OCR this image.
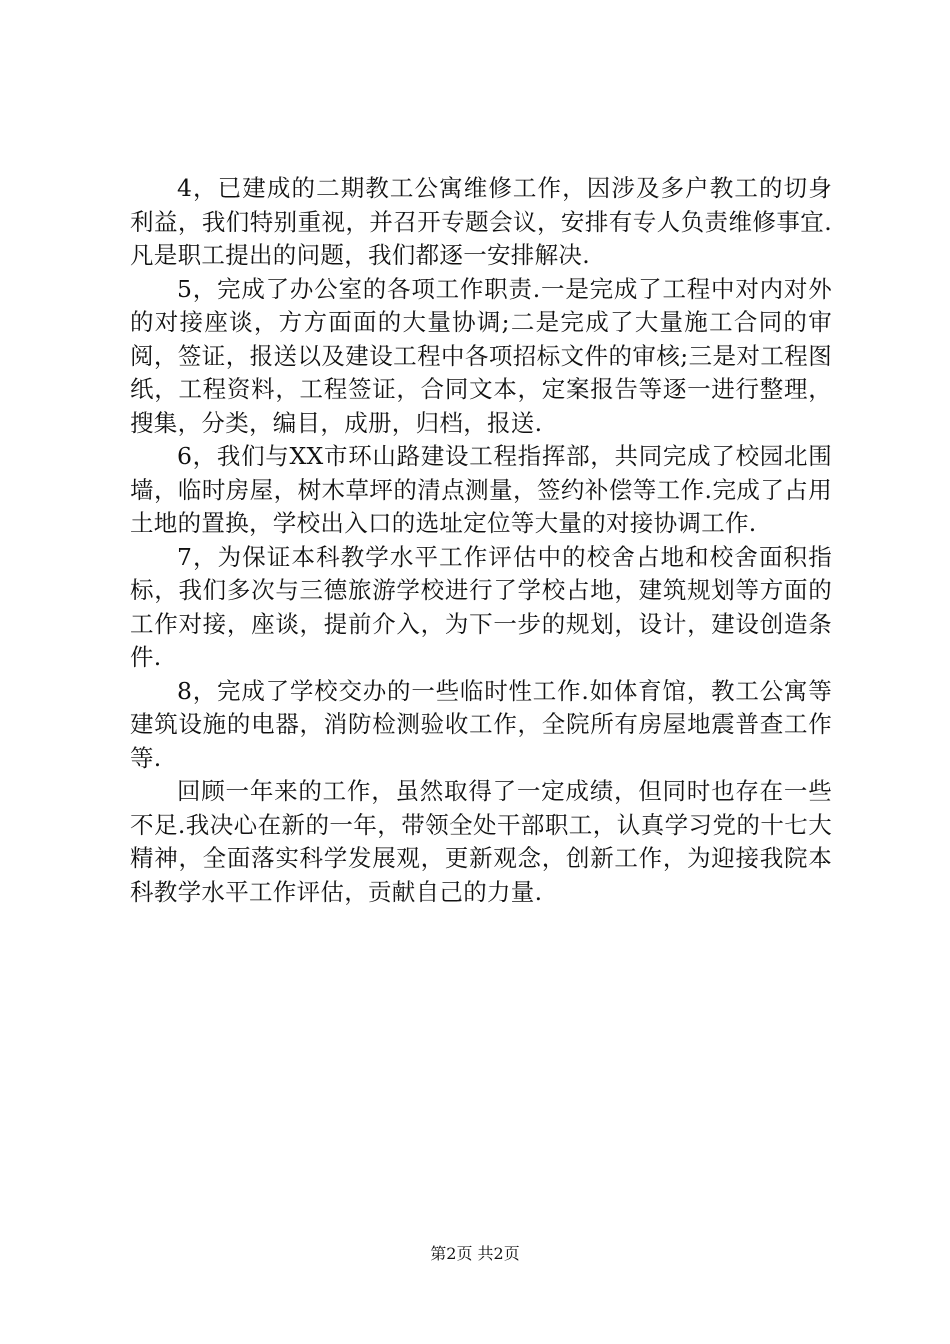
4，已建成的二期教工公寓维修工作，因涉及多户教工的切身利益，我们特别重视，并召开专题会议，安排有专人负责维修事宜.凡是职工提出的问题，我们都逐一安排解决.

5，完成了办公室的各项工作职责.一是完成了工程中对内对外的对接座谈，方方面面的大量协调;二是完成了大量施工合同的审阅，签证，报送以及建设工程中各项招标文件的审核;三是对工程图纸，工程资料，工程签证，合同文本，定案报告等逐一进行整理，搜集，分类，编目，成册，归档，报送.

6，我们与XX市环山路建设工程指挥部，共同完成了校园北围墙，临时房屋，树木草坪的清点测量，签约补偿等工作.完成了占用土地的置换，学校出入口的选址定位等大量的对接协调工作.

7，为保证本科教学水平工作评估中的校舍占地和校舍面积指标，我们多次与三德旅游学校进行了学校占地，建筑规划等方面的工作对接，座谈，提前介入，为下一步的规划，设计，建设创造条件.

8，完成了学校交办的一些临时性工作.如体育馆，教工公寓等建筑设施的电器，消防检测验收工作，全院所有房屋地震普查工作等.

回顾一年来的工作，虽然取得了一定成绩，但同时也存在一些不足.我决心在新的一年，带领全处干部职工，认真学习党的十七大精神，全面落实科学发展观，更新观念，创新工作，为迎接我院本科教学水平工作评估，贡献自己的力量.

第2页 共2页
